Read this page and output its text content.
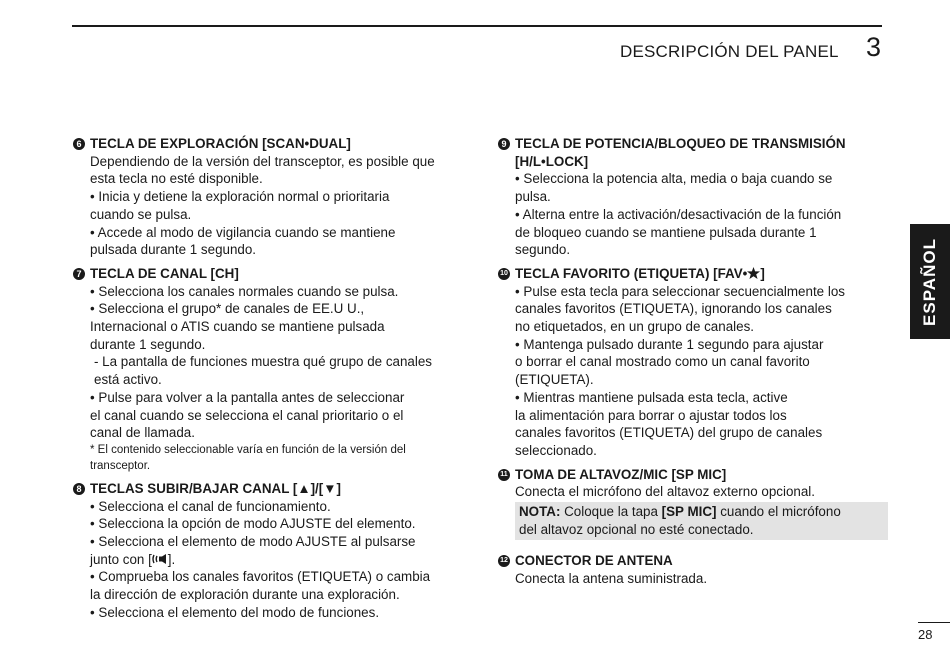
DESCRIPCIÓN DEL PANEL 3
ESPAÑOL
6 TECLA DE EXPLORACIÓN [SCAN•DUAL]
Dependiendo de la versión del transceptor, es posible que
esta tecla no esté disponible.
• Inicia y detiene la exploración normal o prioritaria
cuando se pulsa.
• Accede al modo de vigilancia cuando se mantiene
pulsada durante 1 segundo.
7 TECLA DE CANAL [CH]
• Selecciona los canales normales cuando se pulsa.
• Selecciona el grupo* de canales de EE.U U.,
Internacional o ATIS cuando se mantiene pulsada
durante 1 segundo.
- La pantalla de funciones muestra qué grupo de canales
está activo.
• Pulse para volver a la pantalla antes de seleccionar
el canal cuando se selecciona el canal prioritario o el
canal de llamada.
* El contenido seleccionable varía en función de la versión del
transceptor.
8 TECLAS SUBIR/BAJAR CANAL [▲]/[▼]
• Selecciona el canal de funcionamiento.
• Selecciona la opción de modo AJUSTE del elemento.
• Selecciona el elemento de modo AJUSTE al pulsarse
junto con [ ].
• Comprueba los canales favoritos (ETIQUETA) o cambia
la dirección de exploración durante una exploración.
• Selecciona el elemento del modo de funciones.
9 TECLA DE POTENCIA/BLOQUEO DE TRANSMISIÓN
[H/L•LOCK]
• Selecciona la potencia alta, media o baja cuando se
pulsa.
• Alterna entre la activación/desactivación de la función
de bloqueo cuando se mantiene pulsada durante 1
segundo.
10 TECLA FAVORITO (ETIQUETA) [FAV• ]
• Pulse esta tecla para seleccionar secuencialmente los
canales favoritos (ETIQUETA), ignorando los canales
no etiquetados, en un grupo de canales.
• Mantenga pulsado durante 1 segundo para ajustar
o borrar el canal mostrado como un canal favorito
(ETIQUETA).
• Mientras mantiene pulsada esta tecla, active
la alimentación para borrar o ajustar todos los
canales favoritos (ETIQUETA) del grupo de canales
seleccionado.
11 TOMA DE ALTAVOZ/MIC [SP MIC]
Conecta el micrófono del altavoz externo opcional.
NOTA: Coloque la tapa [SP MIC] cuando el micrófono
del altavoz opcional no esté conectado.
12 CONECTOR DE ANTENA
Conecta la antena suministrada.
28
